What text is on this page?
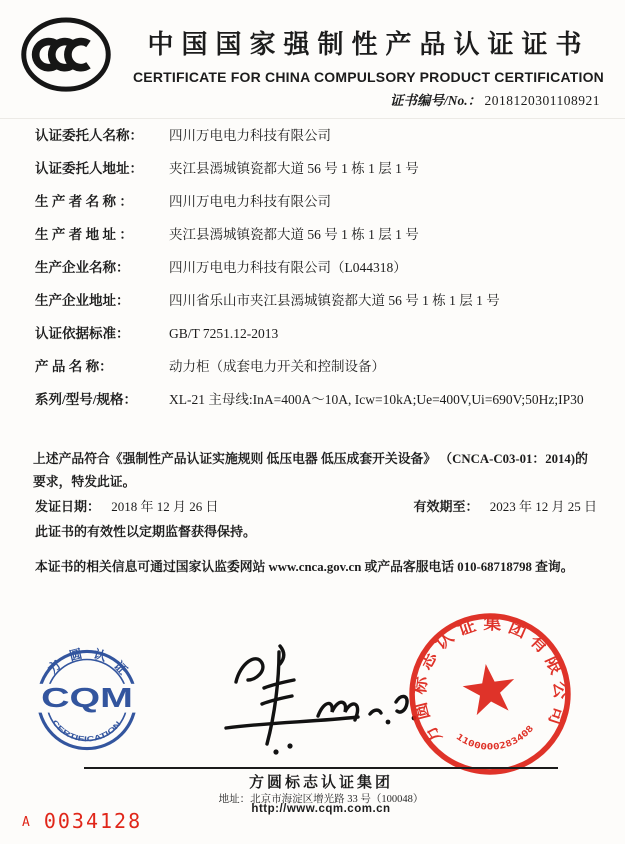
中国国家强制性产品认证证书
CERTIFICATE FOR CHINA COMPULSORY PRODUCT CERTIFICATION
证书编号/No.： 2018120301108921
认证委托人名称：	四川万电电力科技有限公司
认证委托人地址：	夹江县漹城镇瓷都大道 56 号 1 栋 1 层 1 号
生 产 者 名 称 ：	四川万电电力科技有限公司
生 产 者 地 址 ：	夹江县漹城镇瓷都大道 56 号 1 栋 1 层 1 号
生产企业名称：	四川万电电力科技有限公司（L044318）
生产企业地址：	四川省乐山市夹江县漹城镇瓷都大道 56 号 1 栋 1 层 1 号
认证依据标准：	GB/T 7251.12-2013
产 品 名 称：	动力柜（成套电力开关和控制设备）
系列/型号/规格：	XL-21 主母线:InA=400A～10A, Icw=10kA;Ue=400V,Ui=690V;50Hz;IP30
上述产品符合《强制性产品认证实施规则 低压电器 低压成套开关设备》 （CNCA-C03-01：2014)的要求，特发此证。
发证日期： 2018 年 12 月 26 日	有效期至： 2023 年 12 月 25 日
此证书的有效性以定期监督获得保持。
本证书的相关信息可通过国家认监委网站 www.cnca.gov.cn 或产品客服电话 010-68718798 查询。
方圆认证
CERTIFICATION
CQM
方圆标志认证集团有限公司
1100000283408
方圆标志认证集团
地址：北京市海淀区增光路 33 号（100048）
http://www.cqm.com.cn
A 0034128
